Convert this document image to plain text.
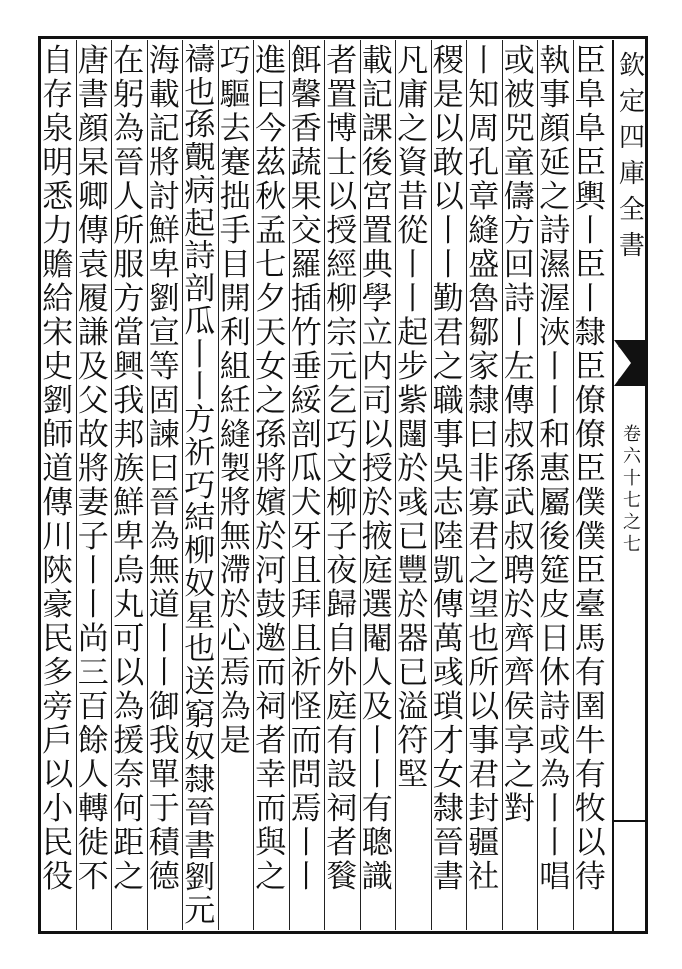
欽
定
四
庫
全
書
卷
六
十
七
之
七
臣
阜
阜
臣
輿
丨
臣
丨
隸
臣
僚
僚
臣
僕
僕
臣
臺
馬
有
圉
牛
有
牧
以
待
執
事
顔
延
之
詩
濕
渥
浹
丨
丨
和
惠
屬
後
筵
皮
日
休
詩
或
為
丨
丨
唱
或
被
兕
童
儔
方
回
詩
丨
左
傳
叔
孫
武
叔
聘
於
齊
齊
侯
享
之
對
丨
知
周
孔
章
縫
盛
魯
鄒
家
隸
曰
非
寡
君
之
望
也
所
以
事
君
封
疆
社
稷
是
以
敢
以
丨
丨
勤
君
之
職
事
吳
志
陸
凱
傳
萬
彧
瑣
才
女
隸
晉
書
凡
庸
之
資
昔
從
丨
丨
起
步
紫
闥
於
彧
已
豐
於
器
已
溢
符
堅
載
記
課
後
宮
置
典
學
立
内
司
以
授
於
掖
庭
選
閹
人
及
丨
丨
有
聰
識
者
置
博
士
以
授
經
柳
宗
元
乞
巧
文
柳
子
夜
歸
自
外
庭
有
設
祠
者
餮
餌
馨
香
蔬
果
交
羅
插
竹
垂
綏
剖
瓜
犬
牙
且
拜
且
祈
怪
而
問
焉
丨
丨
進
曰
今
茲
秋
孟
七
夕
天
女
之
孫
將
嬪
於
河
鼓
邀
而
祠
者
幸
而
與
之
巧
驅
去
蹇
拙
手
目
開
利
組
紝
縫
製
將
無
滯
於
心
焉
為
是
禱
也
孫
覿
病
起
詩
剖
瓜
丨
丨
方
祈
巧
結
柳
奴
星
也
送
窮
奴
隸
晉
書
劉
元
海
載
記
將
討
鮮
卑
劉
宣
等
固
諫
曰
晉
為
無
道
丨
丨
御
我
單
于
積
德
在
躬
為
晉
人
所
服
方
當
興
我
邦
族
鮮
卑
烏
丸
可
以
為
援
奈
何
距
之
唐
書
顔
杲
卿
傳
袁
履
謙
及
父
故
將
妻
子
丨
丨
尚
三
百
餘
人
轉
徙
不
自
存
泉
明
悉
力
贍
給
宋
史
劉
師
道
傳
川
陝
豪
民
多
旁
戶
以
小
民
役
